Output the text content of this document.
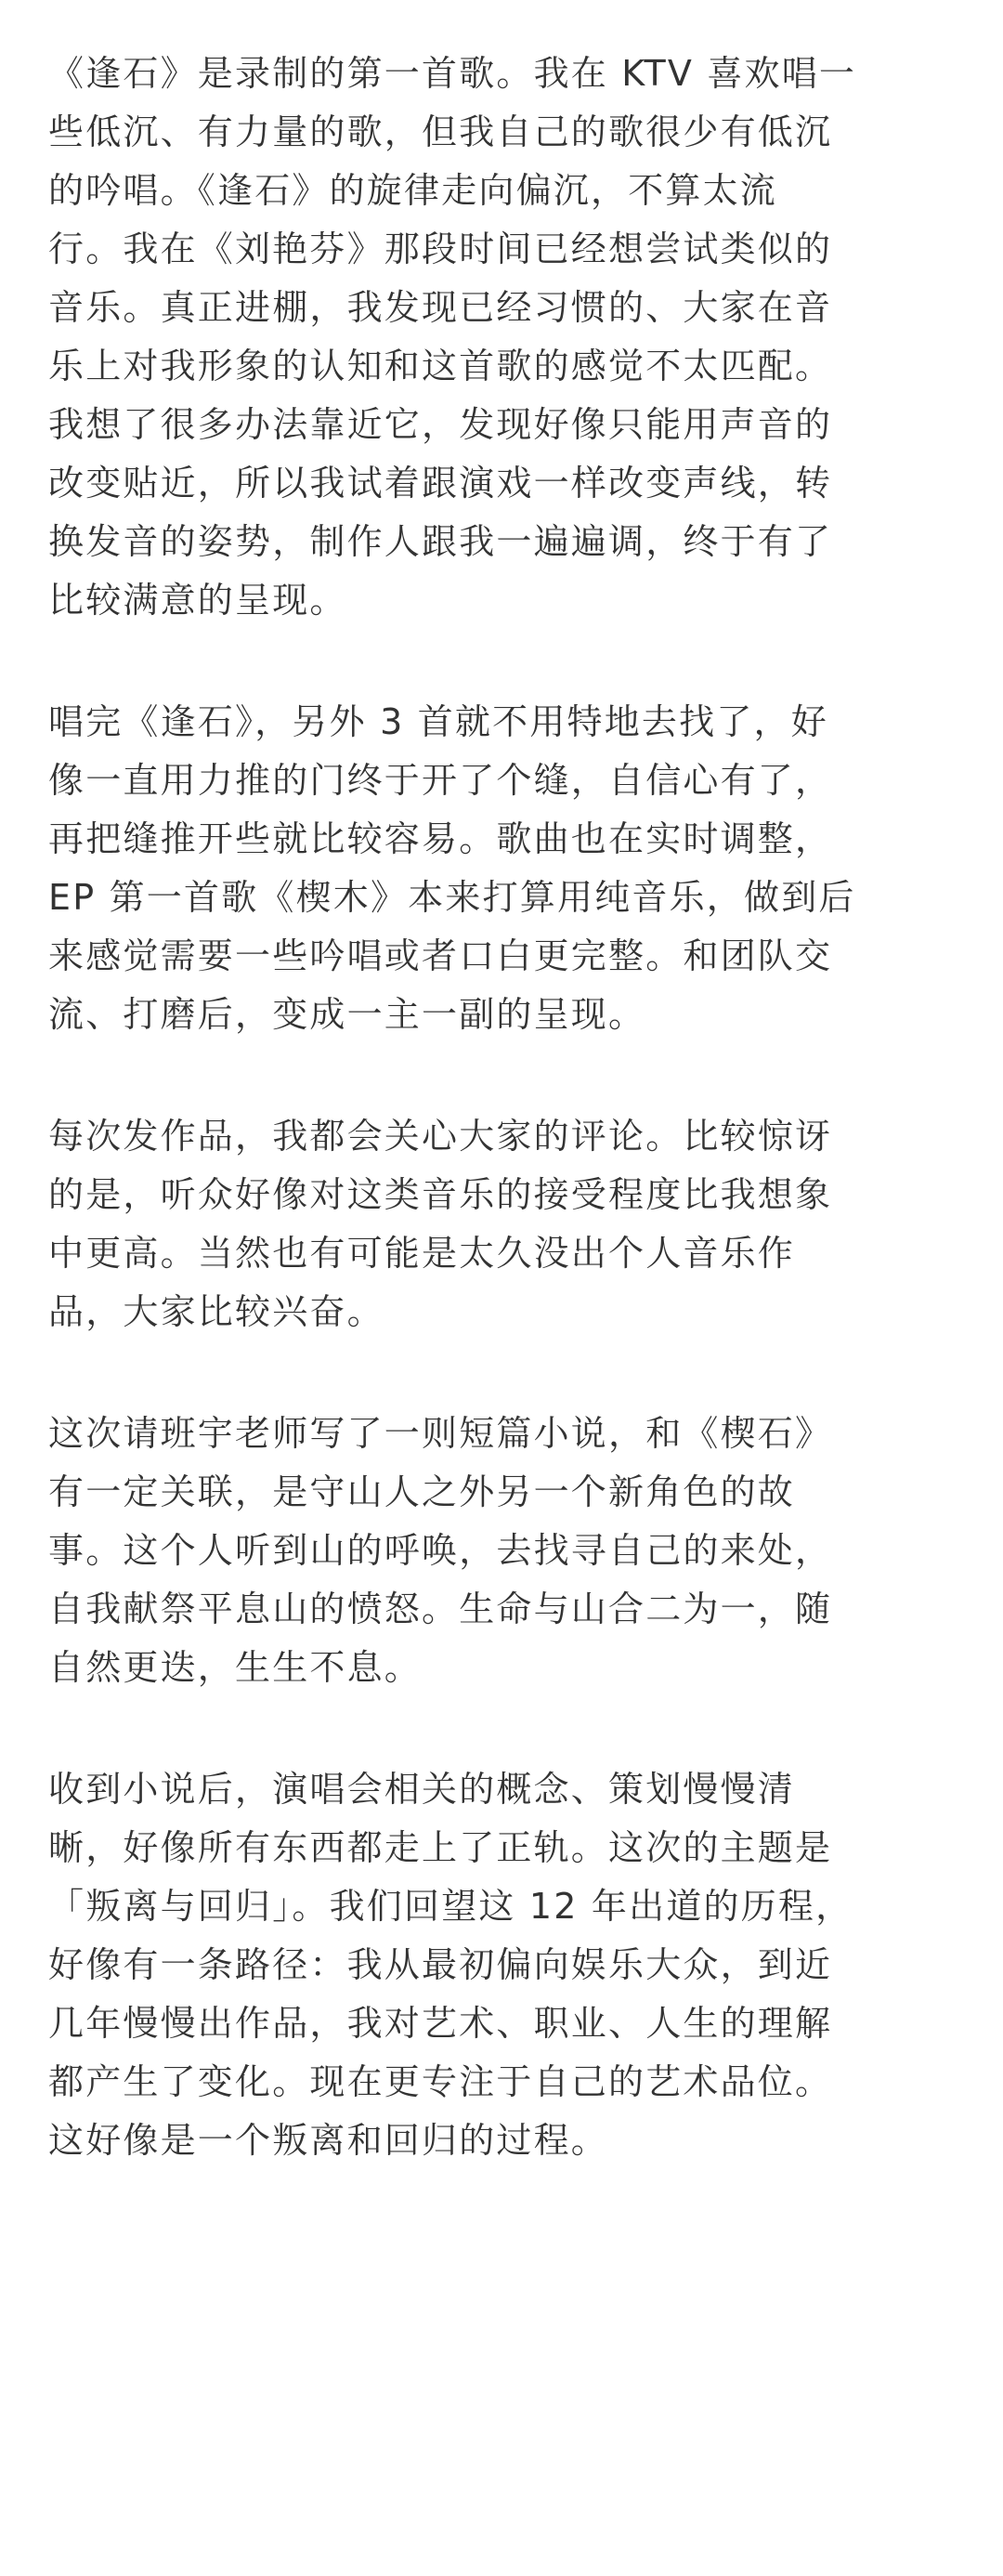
《逢石》是录制的第一首歌。我在 KTV 喜欢唱一
些低沉、有力量的歌，但我自己的歌很少有低沉
的吟唱。《逢石》的旋律走向偏沉，不算太流
行。我在《刘艳芬》那段时间已经想尝试类似的
音乐。真正进棚，我发现已经习惯的、大家在音
乐上对我形象的认知和这首歌的感觉不太匹配。
我想了很多办法靠近它，发现好像只能用声音的
改变贴近，所以我试着跟演戏一样改变声线，转
换发音的姿势，制作人跟我一遍遍调，终于有了
比较满意的呈现。

唱完《逢石》，另外 3 首就不用特地去找了，好
像一直用力推的门终于开了个缝，自信心有了，
再把缝推开些就比较容易。歌曲也在实时调整，
EP 第一首歌《楔木》本来打算用纯音乐，做到后
来感觉需要一些吟唱或者口白更完整。和团队交
流、打磨后，变成一主一副的呈现。

每次发作品，我都会关心大家的评论。比较惊讶
的是，听众好像对这类音乐的接受程度比我想象
中更高。当然也有可能是太久没出个人音乐作
品，大家比较兴奋。

这次请班宇老师写了一则短篇小说，和《楔石》
有一定关联，是守山人之外另一个新角色的故
事。这个人听到山的呼唤，去找寻自己的来处，
自我献祭平息山的愤怒。生命与山合二为一，随
自然更迭，生生不息。

收到小说后，演唱会相关的概念、策划慢慢清
晰，好像所有东西都走上了正轨。这次的主题是
「叛离与回归」。我们回望这 12 年出道的历程，
好像有一条路径：我从最初偏向娱乐大众，到近
几年慢慢出作品，我对艺术、职业、人生的理解
都产生了变化。现在更专注于自己的艺术品位。
这好像是一个叛离和回归的过程。
